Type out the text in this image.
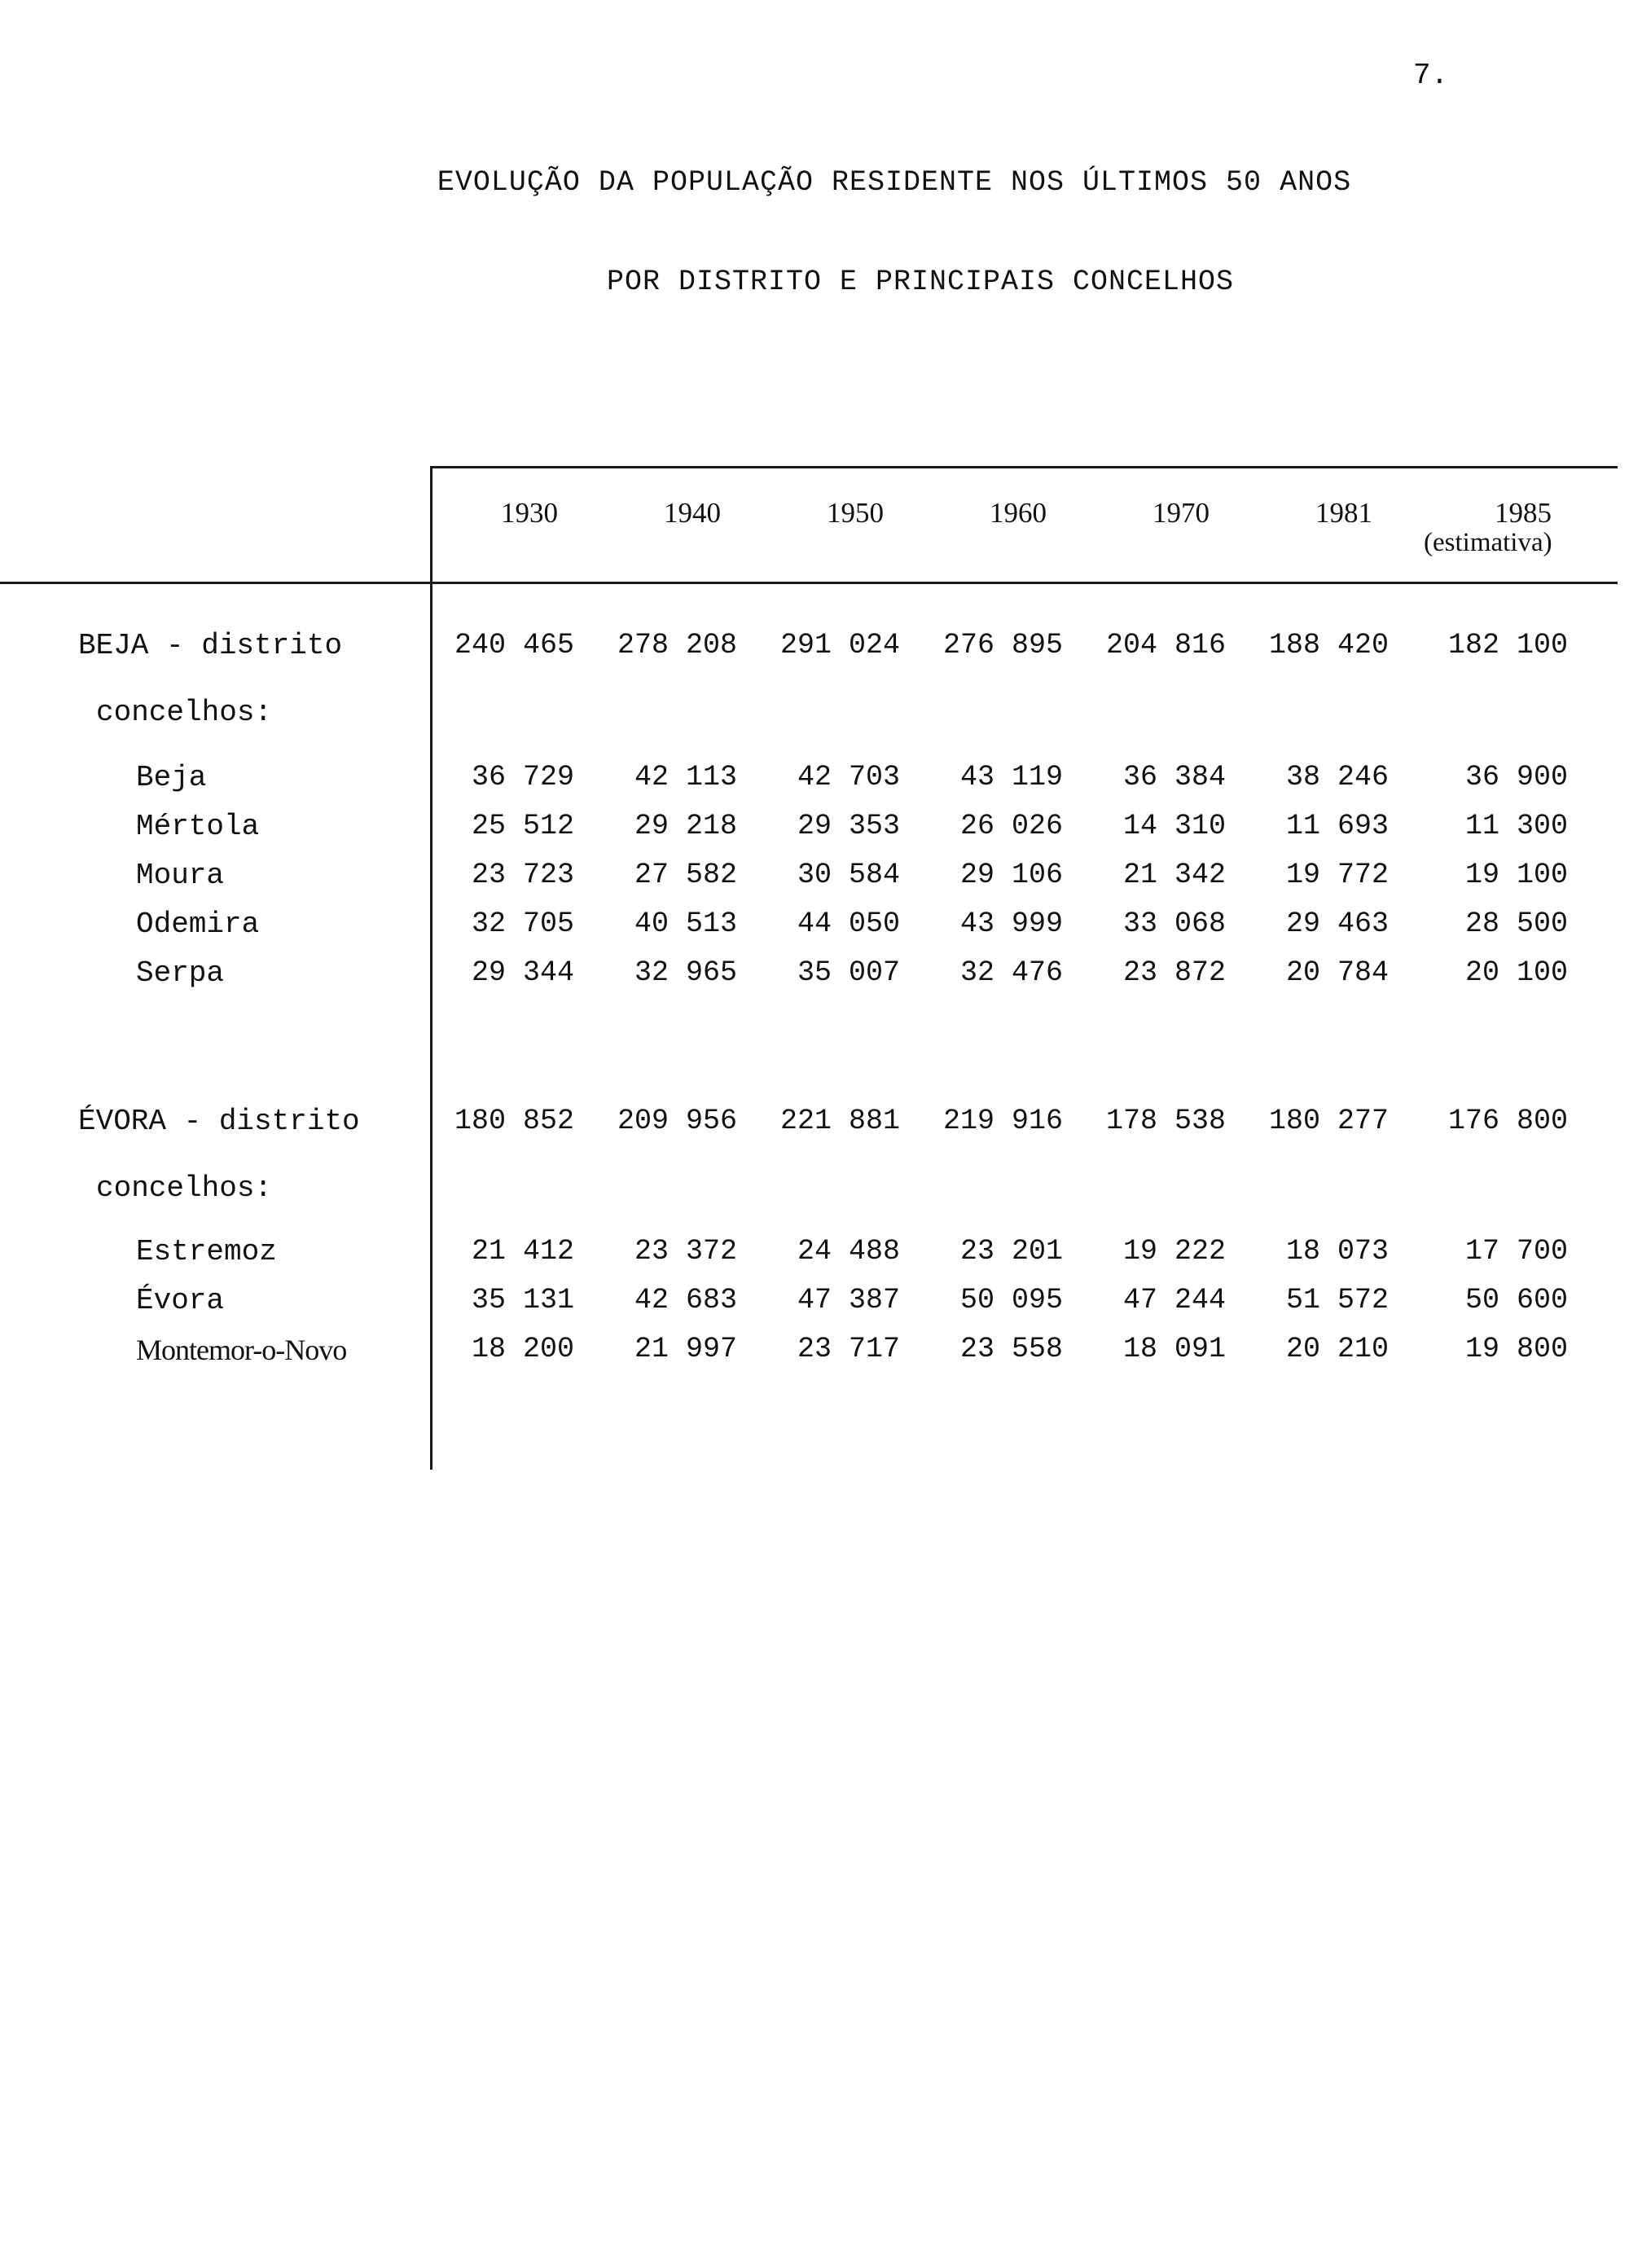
7.
EVOLUÇÃO DA POPULAÇÃO RESIDENTE NOS ÚLTIMOS 50 ANOS
POR DISTRITO E PRINCIPAIS CONCELHOS
1930	1940	1950	1960	1970	1981	1985
(estimativa)
BEJA - distrito	240 465	278 208	291 024	276 895	204 816	188 420	182 100
concelhos:
Beja	36 729	42 113	42 703	43 119	36 384	38 246	36 900
Mértola	25 512	29 218	29 353	26 026	14 310	11 693	11 300
Moura	23 723	27 582	30 584	29 106	21 342	19 772	19 100
Odemira	32 705	40 513	44 050	43 999	33 068	29 463	28 500
Serpa	29 344	32 965	35 007	32 476	23 872	20 784	20 100
ÉVORA - distrito	180 852	209 956	221 881	219 916	178 538	180 277	176 800
concelhos:
Estremoz	21 412	23 372	24 488	23 201	19 222	18 073	17 700
Évora	35 131	42 683	47 387	50 095	47 244	51 572	50 600
Montemor-o-Novo	18 200	21 997	23 717	23 558	18 091	20 210	19 800
